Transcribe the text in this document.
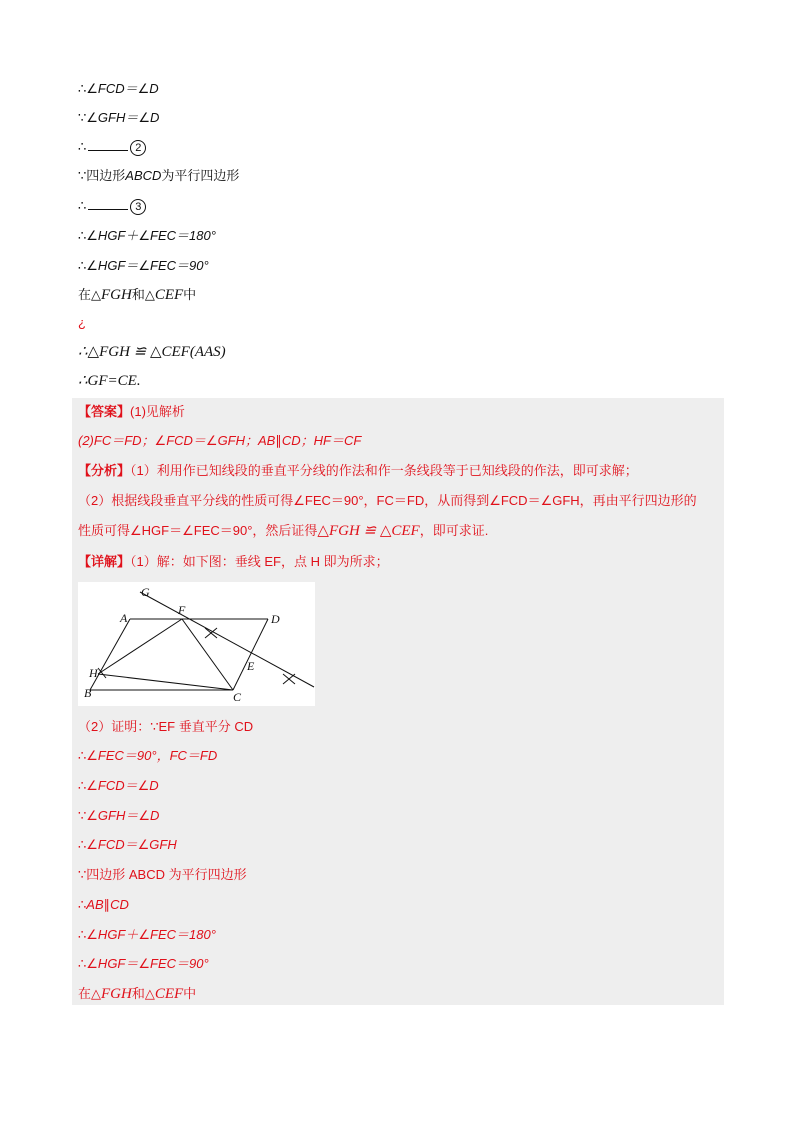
∴∠FCD＝∠D
∵∠GFH＝∠D
∴	2
∵四边形ABCD为平行四边形
∴	3
∴∠HGF＋∠FEC＝180°
∴∠HGF＝∠FEC＝90°
在△FGH和△CEF中
¿
∴△FGH ≌ △CEF(AAS)
∴GF=CE.
【答案】(1)见解析
(2)FC＝FD；∠FCD＝∠GFH；AB∥CD；HF＝CF
【分析】（1）利用作已知线段的垂直平分线的作法和作一条线段等于已知线段的作法，即可求解；
（2）根据线段垂直平分线的性质可得∠FEC＝90°，FC＝FD，从而得到∠FCD＝∠GFH，再由平行四边形的
性质可得∠HGF＝∠FEC＝90°，然后证得△FGH ≌ △CEF，即可求证.
【详解】（1）解：如下图：垂线 EF，点 H 即为所求；
G
A
F
D
E
H
B	C
（2）证明：∵EF 垂直平分 CD
∴∠FEC＝90°，FC＝FD
∴∠FCD＝∠D
∵∠GFH＝∠D
∴∠FCD＝∠GFH
∵四边形 ABCD 为平行四边形
∴AB∥CD
∴∠HGF＋∠FEC＝180°
∴∠HGF＝∠FEC＝90°
在△FGH和△CEF中
